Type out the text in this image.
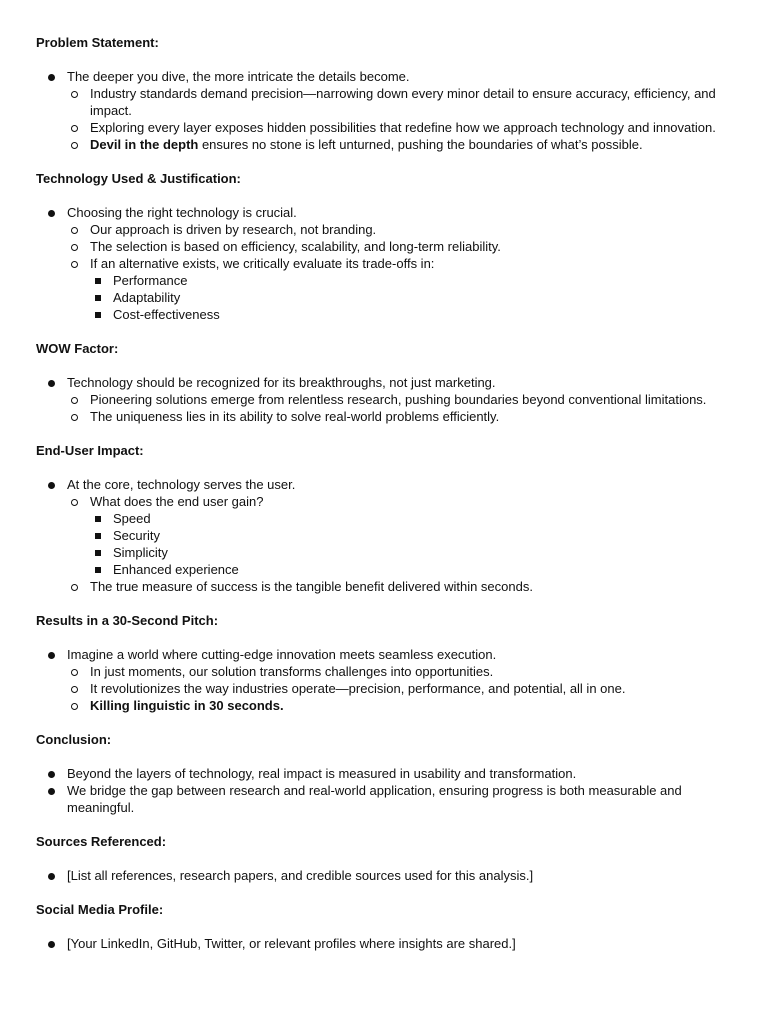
Problem Statement:
The deeper you dive, the more intricate the details become.
Industry standards demand precision—narrowing down every minor detail to ensure accuracy, efficiency, and impact.
Exploring every layer exposes hidden possibilities that redefine how we approach technology and innovation.
Devil in the depth ensures no stone is left unturned, pushing the boundaries of what’s possible.
Technology Used & Justification:
Choosing the right technology is crucial.
Our approach is driven by research, not branding.
The selection is based on efficiency, scalability, and long-term reliability.
If an alternative exists, we critically evaluate its trade-offs in:
Performance
Adaptability
Cost-effectiveness
WOW Factor:
Technology should be recognized for its breakthroughs, not just marketing.
Pioneering solutions emerge from relentless research, pushing boundaries beyond conventional limitations.
The uniqueness lies in its ability to solve real-world problems efficiently.
End-User Impact:
At the core, technology serves the user.
What does the end user gain?
Speed
Security
Simplicity
Enhanced experience
The true measure of success is the tangible benefit delivered within seconds.
Results in a 30-Second Pitch:
Imagine a world where cutting-edge innovation meets seamless execution.
In just moments, our solution transforms challenges into opportunities.
It revolutionizes the way industries operate—precision, performance, and potential, all in one.
Killing linguistic in 30 seconds.
Conclusion:
Beyond the layers of technology, real impact is measured in usability and transformation.
We bridge the gap between research and real-world application, ensuring progress is both measurable and meaningful.
Sources Referenced:
[List all references, research papers, and credible sources used for this analysis.]
Social Media Profile:
[Your LinkedIn, GitHub, Twitter, or relevant profiles where insights are shared.]
